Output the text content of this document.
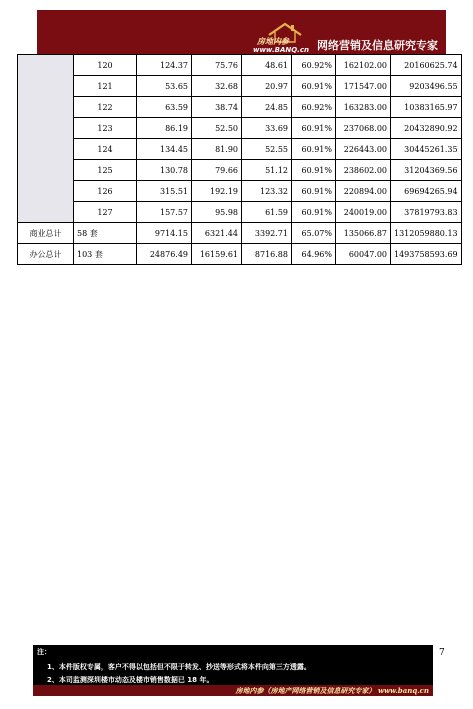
房地内参
www.BANQ.cn 网络营销及信息研究专家
	120	124.37	75.76	48.61	60.92%	162102.00	20160625.74
	121	53.65	32.68	20.97	60.91%	171547.00	9203496.55
	122	63.59	38.74	24.85	60.92%	163283.00	10383165.97
	123	86.19	52.50	33.69	60.91%	237068.00	20432890.92
	124	134.45	81.90	52.55	60.91%	226443.00	30445261.35
	125	130.78	79.66	51.12	60.91%	238602.00	31204369.56
	126	315.51	192.19	123.32	60.91%	220894.00	69694265.94
	127	157.57	95.98	61.59	60.91%	240019.00	37819793.83
商业总计	58 套	9714.15	6321.44	3392.71	65.07%	135066.87	1312059880.13
办公总计	103 套	24876.49	16159.61	8716.88	64.96%	60047.00	1493758593.69
7
注：
1、本件版权专属，客户不得以包括但不限于转发、抄送等形式将本件向第三方透露。
2、本司监测深圳楼市动态及楼市销售数据已 18 年。
房地内参（房地产网络营销及信息研究专家） www.banq.cn
